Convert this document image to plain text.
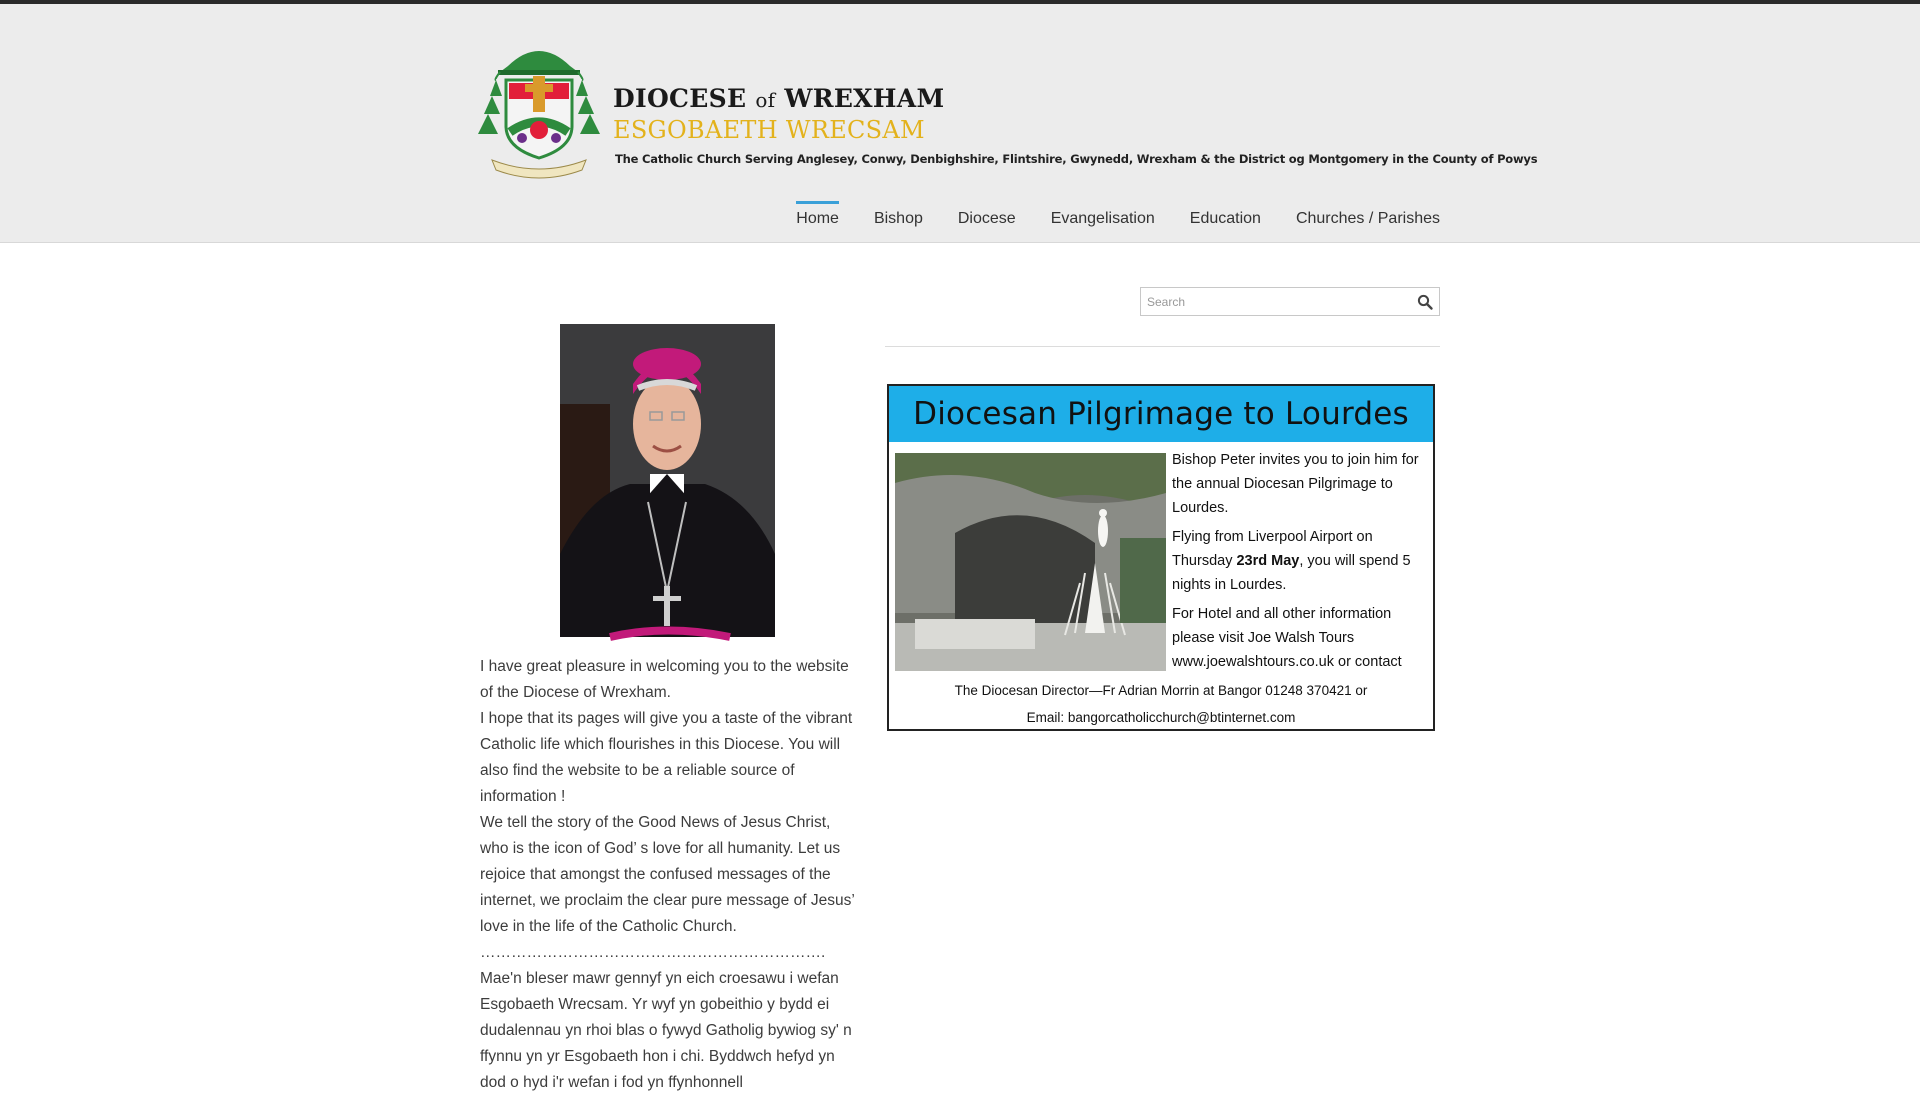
DIOCESE of WREXHAM
ESGOBAETH WRECSAM
The Catholic Church Serving Anglesey, Conwy, Denbighshire, Flintshire, Gwynedd, Wrexham & the District og Montgomery in the County of Powys
Home Bishop Diocese Evangelisation Education Churches / Parishes
Search

I have great pleasure in welcoming you to the website of the Diocese of Wrexham.

I hope that its pages will give you a taste of the vibrant Catholic life which flourishes in this Diocese. You will also find the website to be a reliable source of information !

We tell the story of the Good News of Jesus Christ, who is the icon of God’ s love for all humanity. Let us rejoice that amongst the confused messages of the internet, we proclaim the clear pure message of Jesus’ love in the life of the Catholic Church.

………………………………………………………….

Mae'n bleser mawr gennyf yn eich croesawu i wefan Esgobaeth Wrecsam. Yr wyf yn gobeithio y bydd ei dudalennau yn rhoi blas o fywyd Gatholig bywiog sy' n ffynnu yn yr Esgobaeth hon i chi. Byddwch hefyd yn dod o hyd i'r wefan i fod yn ffynhonnell

Diocesan Pilgrimage to Lourdes

Bishop Peter invites you to join him for the annual Diocesan Pilgrimage to Lourdes.

Flying from Liverpool Airport on Thursday 23rd May, you will spend 5 nights in Lourdes.

For Hotel and all other information please visit Joe Walsh Tours www.joewalshtours.co.uk or contact

The Diocesan Director—Fr Adrian Morrin at Bangor 01248 370421 or
Email: bangorcatholicchurch@btinternet.com
